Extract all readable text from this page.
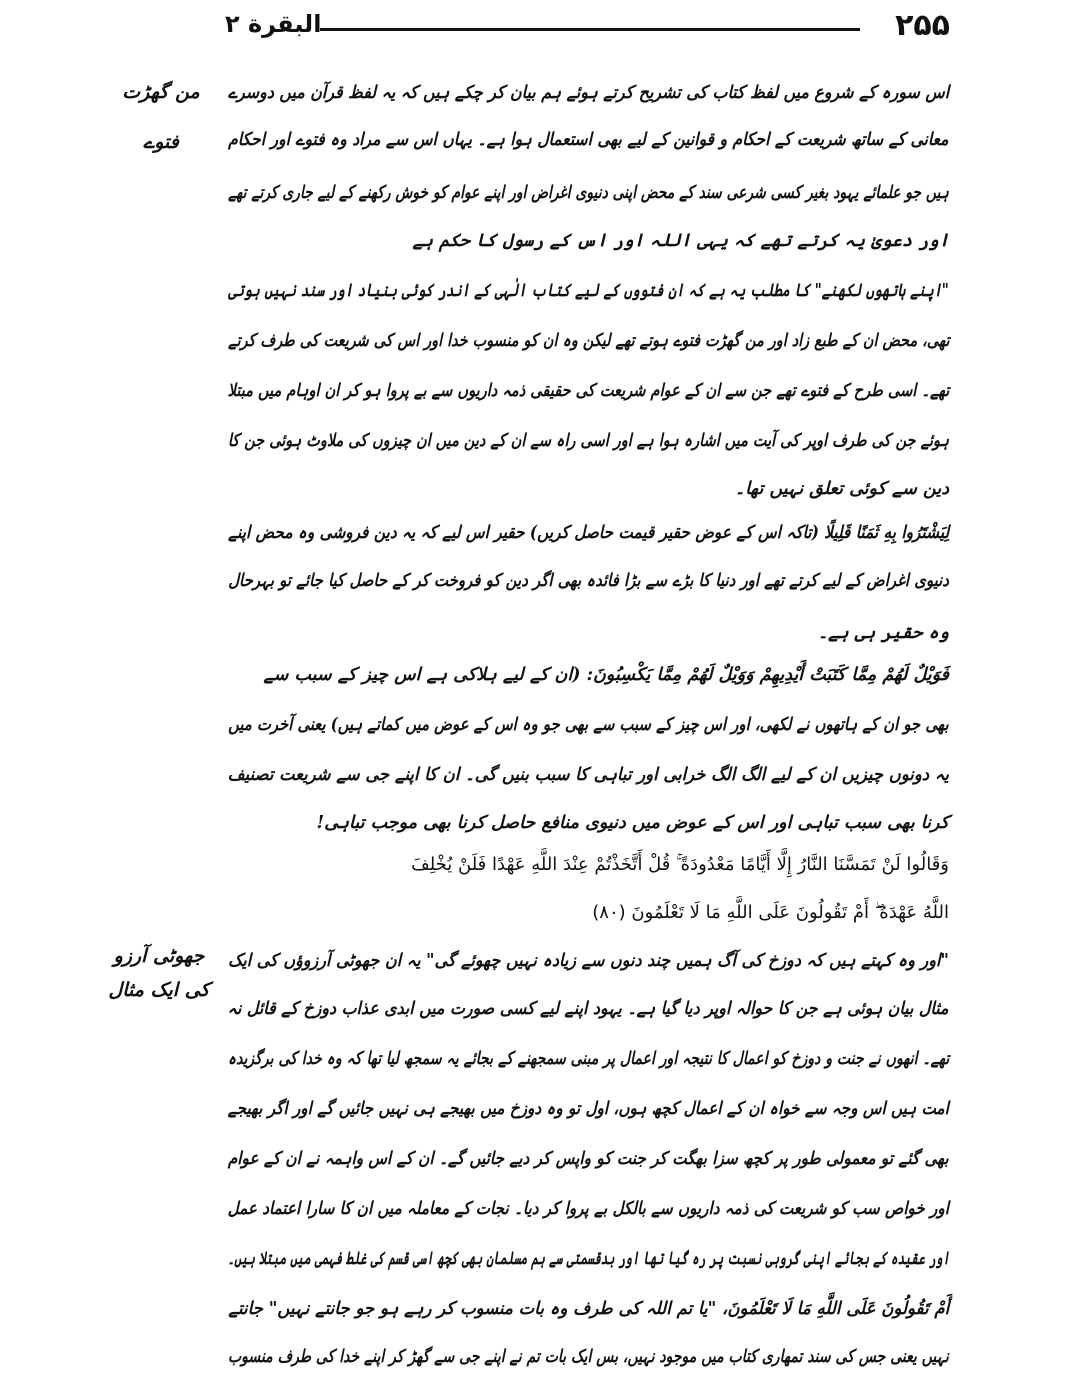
۲۵۵
البقرة ۲
من گھڑت
فتوے
جھوٹی آرزو
کی ایک مثال
اس سورہ کے شروع میں لفظ کتاب کی تشریح کرتے ہوئے ہم بیان کر چکے ہیں کہ یہ لفظ قرآن میں دوسرے
معانی کے ساتھ شریعت کے احکام و قوانین کے لیے بھی استعمال ہوا ہے۔ یہاں اس سے مراد وہ فتوے اور احکام
ہیں جو علمائے یہود بغیر کسی شرعی سند کے محض اپنی دنیوی اغراض اور اپنے عوام کو خوش رکھنے کے لیے جاری کرتے تھے
اور دعویٰ یہ کرتے تھے کہ یہی اللہ اور اس کے رسول کا حکم ہے
"اپنے ہاتھوں لکھنے" کا مطلب یہ ہے کہ ان فتووں کے لیے کتاب الٰہی کے اندر کوئی بنیاد اور سند نہیں ہوتی
تھی، محض ان کے طبع زاد اور من گھڑت فتوے ہوتے تھے لیکن وہ ان کو منسوب خدا اور اس کی شریعت کی طرف کرتے
تھے۔ اسی طرح کے فتوے تھے جن سے ان کے عوام شریعت کی حقیقی ذمہ داریوں سے بے پروا ہو کر ان اوہام میں مبتلا
ہوئے جن کی طرف اوپر کی آیت میں اشارہ ہوا ہے اور اسی راہ سے ان کے دین میں ان چیزوں کی ملاوٹ ہوئی جن کا
دین سے کوئی تعلق نہیں تھا۔
لِيَشْتَرُوا بِهِ ثَمَنًا قَلِيلًا (تاکہ اس کے عوض حقیر قیمت حاصل کریں) حقیر اس لیے کہ یہ دین فروشی وہ محض اپنے
دنیوی اغراض کے لیے کرتے تھے اور دنیا کا بڑے سے بڑا فائدہ بھی اگر دین کو فروخت کر کے حاصل کیا جائے تو بہرحال
وہ حقیر ہی ہے۔
فَوَيْلٌ لَهُمْ مِمَّا كَتَبَتْ أَيْدِيهِمْ وَوَيْلٌ لَهُمْ مِمَّا يَكْسِبُونَ: (ان کے لیے ہلاکی ہے اس چیز کے سبب سے
بھی جو ان کے ہاتھوں نے لکھی، اور اس چیز کے سبب سے بھی جو وہ اس کے عوض میں کماتے ہیں) یعنی آخرت میں
یہ دونوں چیزیں ان کے لیے الگ الگ خرابی اور تباہی کا سبب بنیں گی۔ ان کا اپنے جی سے شریعت تصنیف
کرنا بھی سبب تباہی اور اس کے عوض میں دنیوی منافع حاصل کرنا بھی موجب تباہی!
وَقَالُوا لَنْ تَمَسَّنَا النَّارُ إِلَّا أَيَّامًا مَعْدُودَةً ۚ قُلْ أَتَّخَذْتُمْ عِنْدَ اللَّهِ عَهْدًا فَلَنْ يُخْلِفَ
اللَّهُ عَهْدَهُ ۖ أَمْ تَقُولُونَ عَلَى اللَّهِ مَا لَا تَعْلَمُونَ (۸۰)
"اور وہ کہتے ہیں کہ دوزخ کی آگ ہمیں چند دنوں سے زیادہ نہیں چھوئے گی" یہ ان جھوٹی آرزوؤں کی ایک
مثال بیان ہوئی ہے جن کا حوالہ اوپر دیا گیا ہے۔ یہود اپنے لیے کسی صورت میں ابدی عذاب دوزخ کے قائل نہ
تھے۔ انھوں نے جنت و دوزخ کو اعمال کا نتیجہ اور اعمال پر مبنی سمجھنے کے بجائے یہ سمجھ لیا تھا کہ وہ خدا کی برگزیدہ
امت ہیں اس وجہ سے خواہ ان کے اعمال کچھ ہوں، اول تو وہ دوزخ میں بھیجے ہی نہیں جائیں گے اور اگر بھیجے
بھی گئے تو معمولی طور پر کچھ سزا بھگت کر جنت کو واپس کر دیے جائیں گے۔ ان کے اس واہمہ نے ان کے عوام
اور خواص سب کو شریعت کی ذمہ داریوں سے بالکل بے پروا کر دیا۔ نجات کے معاملہ میں ان کا سارا اعتماد عمل
اور عقیدہ کے بجائے اپنی گروہی نسبت پر رہ گیا تھا اور بدقسمتی سے ہم مسلمان بھی کچھ اسی قسم کی غلط فہمی میں مبتلا ہیں۔
أَمْ تَقُولُونَ عَلَى اللَّهِ مَا لَا تَعْلَمُونَ، "یا تم اللہ کی طرف وہ بات منسوب کر رہے ہو جو جانتے نہیں" جانتے
نہیں یعنی جس کی سند تمھاری کتاب میں موجود نہیں، بس ایک بات تم نے اپنے جی سے گھڑ کر اپنے خدا کی طرف منسوب
